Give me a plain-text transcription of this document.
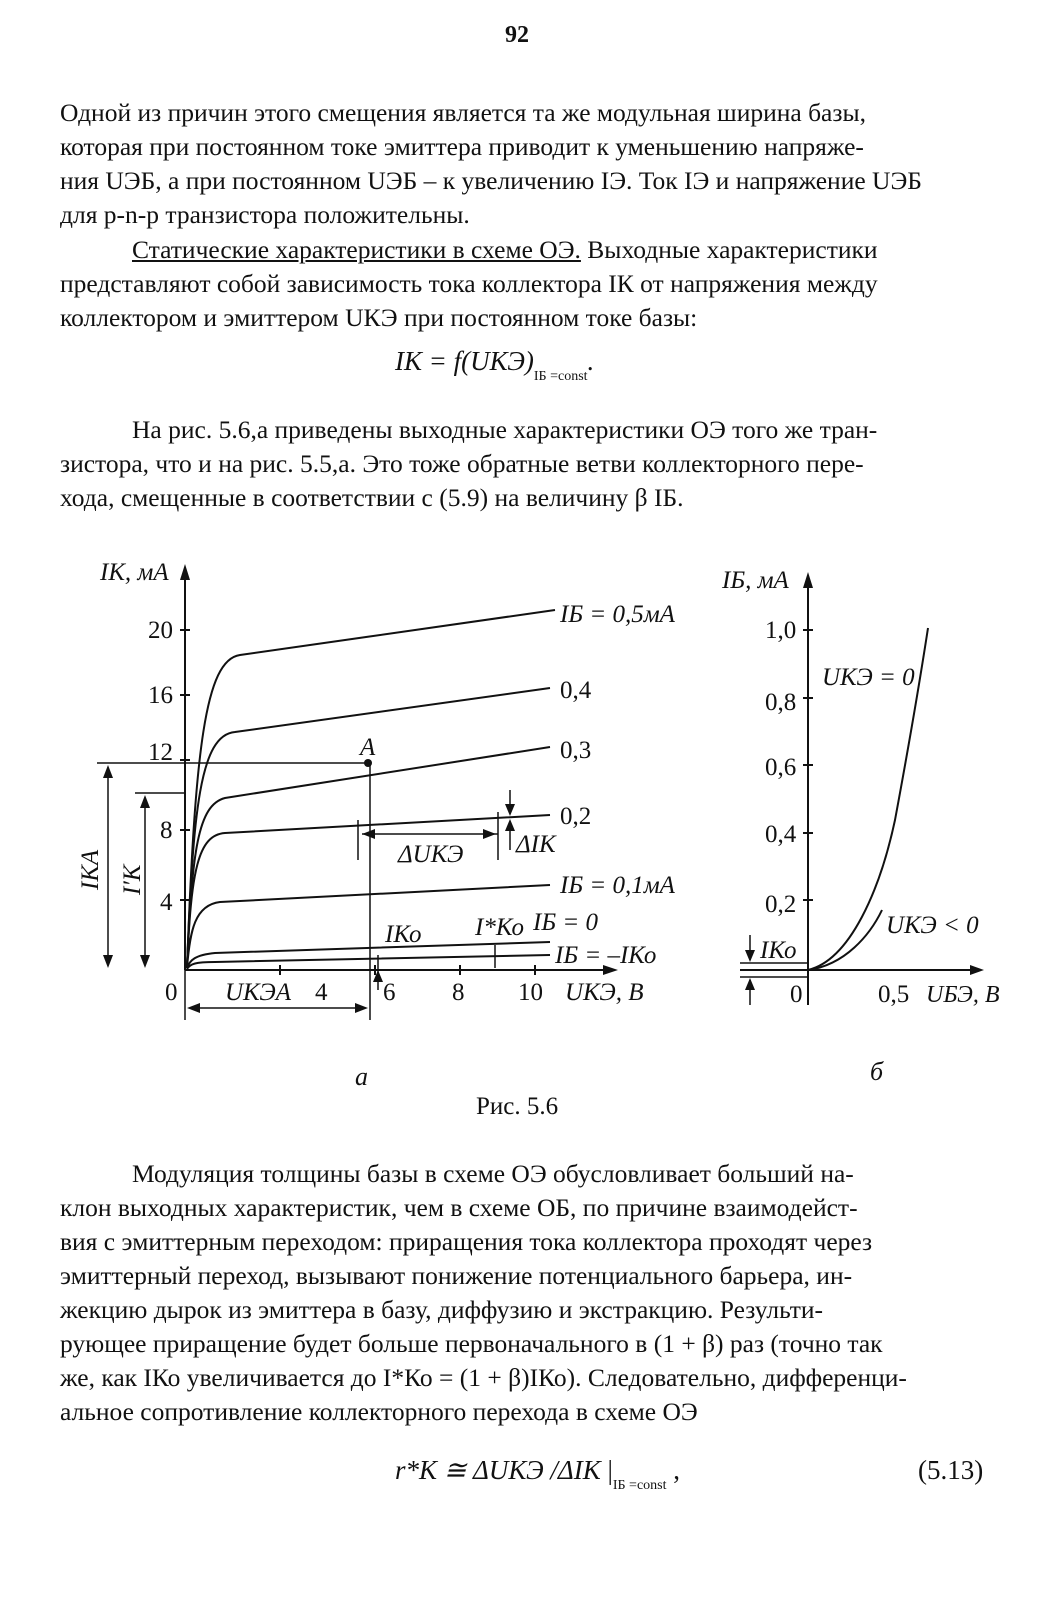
92

Одной из причин этого смещения является та же модульная ширина базы,
которая при постоянном токе эмиттера приводит к уменьшению напряже-
ния UЭБ, а при постоянном UЭБ – к увеличению IЭ. Ток IЭ и напряжение UЭБ
для p-n-p транзистора положительны.

Статические характеристики в схеме ОЭ. Выходные характеристики
представляют собой зависимость тока коллектора IК от напряжения между
коллектором и эмиттером UКЭ при постоянном токе базы:

IК = $f(UКЭ)_{IБ =const}$.

На рис. 5.6,а приведены выходные характеристики ОЭ того же тран-
зистора, что и на рис. 5.5,а. Это тоже обратные ветви коллекторного пере-
хода, смещенные в соответствии с (5.9) на величину β IБ.

IК, мА
20
16
12
8
4
0	4 6 8 10 UКЭ, В
IБ = 0,5мА
0,4
0,3
0,2
IБ = 0,1мА
IБ = 0
IБ = –IКо
A
ΔUКЭ ΔIК
IКо I*Ко
UКЭА
IКА I′К
IБ, мА
1,0
0,8
0,6
0,4
0,2
0	0,5 UБЭ, В
UКЭ = 0
UКЭ < 0
IКо
а	б
Рис. 5.6

Модуляция толщины базы в схеме ОЭ обусловливает больший на-
клон выходных характеристик, чем в схеме ОБ, по причине взаимодейст-
вия с эмиттерным переходом: приращения тока коллектора проходят через
эмиттерный переход, вызывают понижение потенциального барьера, ин-
жекцию дырок из эмиттера в базу, диффузию и экстракцию. Результи-
рующее приращение будет больше первоначального в (1 + β) раз (точно так
же, как IКо увеличивается до I*Ко = (1 + β)IКо). Следовательно, дифференци-
альное сопротивление коллекторного перехода в схеме ОЭ

r*К ≅ ΔUКЭ /ΔIК $|_{IБ =const}$ ,	(5.13)
